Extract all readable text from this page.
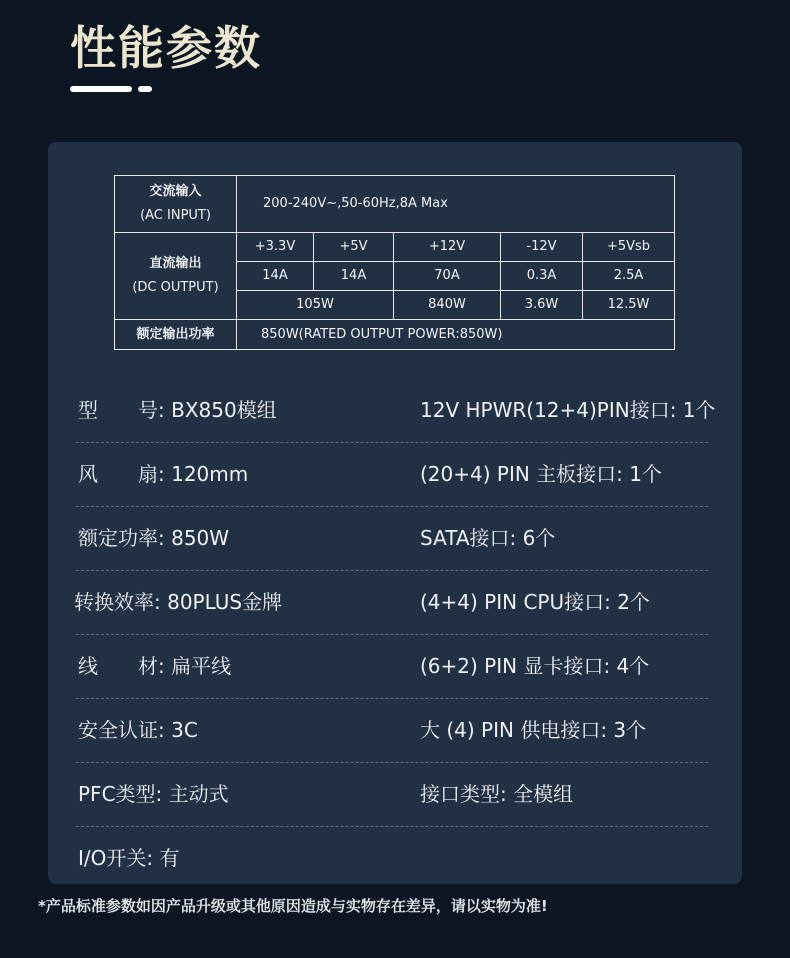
性能参数
交流输入
(AC INPUT)	200-240V~,50-60Hz,8A Max				

直流输出
(DC OUTPUT)	+3.3V	+5V	+12V	-12V	+5Vsb
	14A	14A	70A	0.3A	2.5A
	105W		840W	3.6W	12.5W
额定输出功率	850W(RATED OUTPUT POWER:850W)				
型　　号: BX850模组	12V HPWR(12+4)PIN接口: 1个
风　　扇: 120mm	(20+4) PIN 主板接口: 1个
额定功率: 850W	SATA接口: 6个
转换效率: 80PLUS金牌	(4+4) PIN CPU接口: 2个
线　　材: 扁平线	(6+2) PIN 显卡接口: 4个
安全认证: 3C	大 (4) PIN 供电接口: 3个
PFC类型: 主动式	接口类型: 全模组
I/O开关: 有
*产品标准参数如因产品升级或其他原因造成与实物存在差异，请以实物为准!
